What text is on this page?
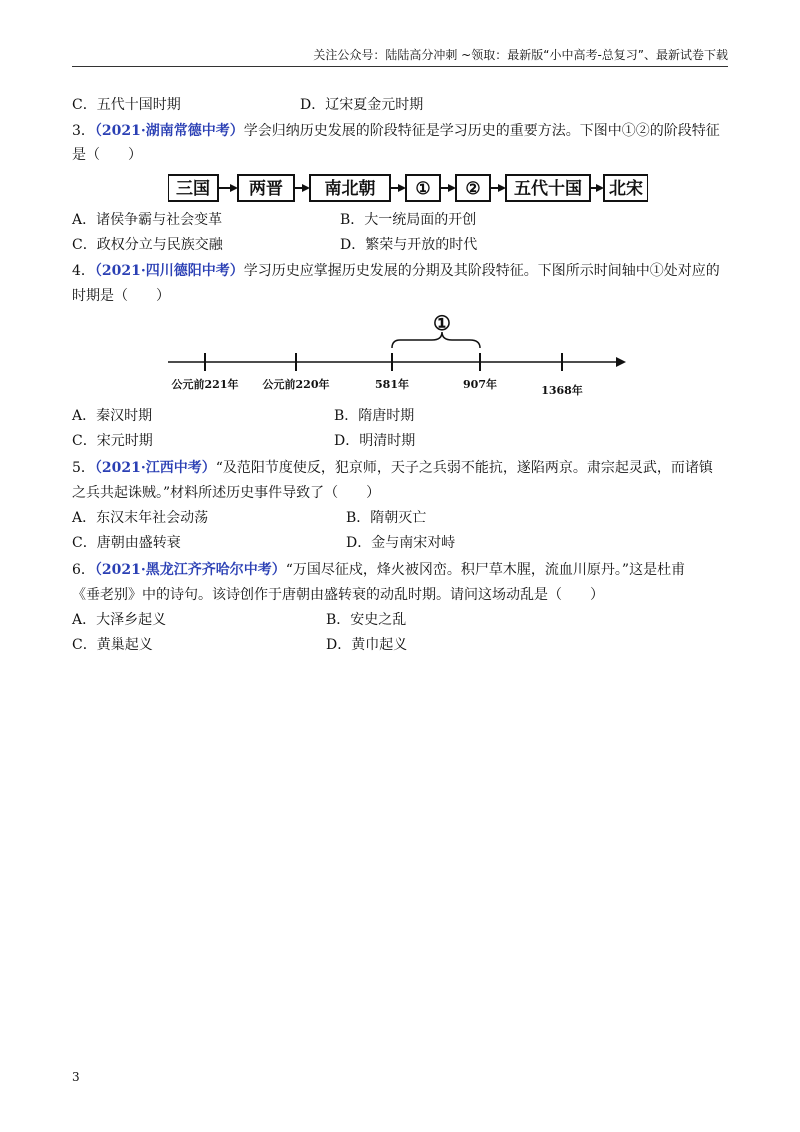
关注公众号：陆陆高分冲刺 ~领取：最新版“小中高考-总复习”、最新试卷下载
C．五代十国时期	D．辽宋夏金元时期
3．（2021·湖南常德中考）学会归纳历史发展的阶段特征是学习历史的重要方法。下图中①②的阶段特征
是（　　）
三国 两晋 南北朝 ① ② 五代十国 北宋
A．诸侯争霸与社会变革	B．大一统局面的开创
C．政权分立与民族交融	D．繁荣与开放的时代
4．（2021·四川德阳中考）学习历史应掌握历史发展的分期及其阶段特征。下图所示时间轴中①处对应的
时期是（　　）
①
公元前221年 公元前220年	581年	907年	1368年
A．秦汉时期	B．隋唐时期
C．宋元时期	D．明清时期
5．（2021·江西中考）“及范阳节度使反，犯京师，天子之兵弱不能抗，遂陷两京。肃宗起灵武，而诸镇
之兵共起诛贼。”材料所述历史事件导致了（　　）
A．东汉末年社会动荡	B．隋朝灭亡
C．唐朝由盛转衰	D．金与南宋对峙
6．（2021·黑龙江齐齐哈尔中考）“万国尽征戍，烽火被冈峦。积尸草木腥，流血川原丹。”这是杜甫
《垂老别》中的诗句。该诗创作于唐朝由盛转衰的动乱时期。请问这场动乱是（　　）
A．大泽乡起义	B．安史之乱
C．黄巢起义	D．黄巾起义
3
